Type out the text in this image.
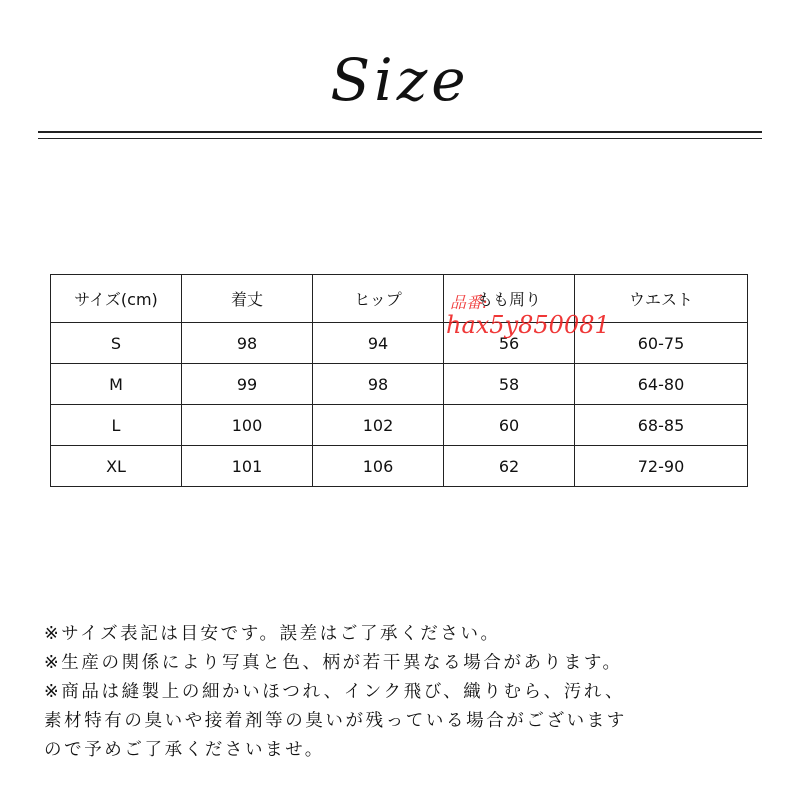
Size
サイズ(cm)	着丈	ヒップ	もも周り	ウエスト
S	98	94	56	60-75
M	99	98	58	64-80
L	100	102	60	68-85
XL	101	106	62	72-90
品番:
hax5y850081

※サイズ表記は目安です。誤差はご了承ください。

※生産の関係により写真と色、柄が若干異なる場合があります。

※商品は縫製上の細かいほつれ、インク飛び、織りむら、汚れ、

素材特有の臭いや接着剤等の臭いが残っている場合がございます

ので予めご了承くださいませ。
